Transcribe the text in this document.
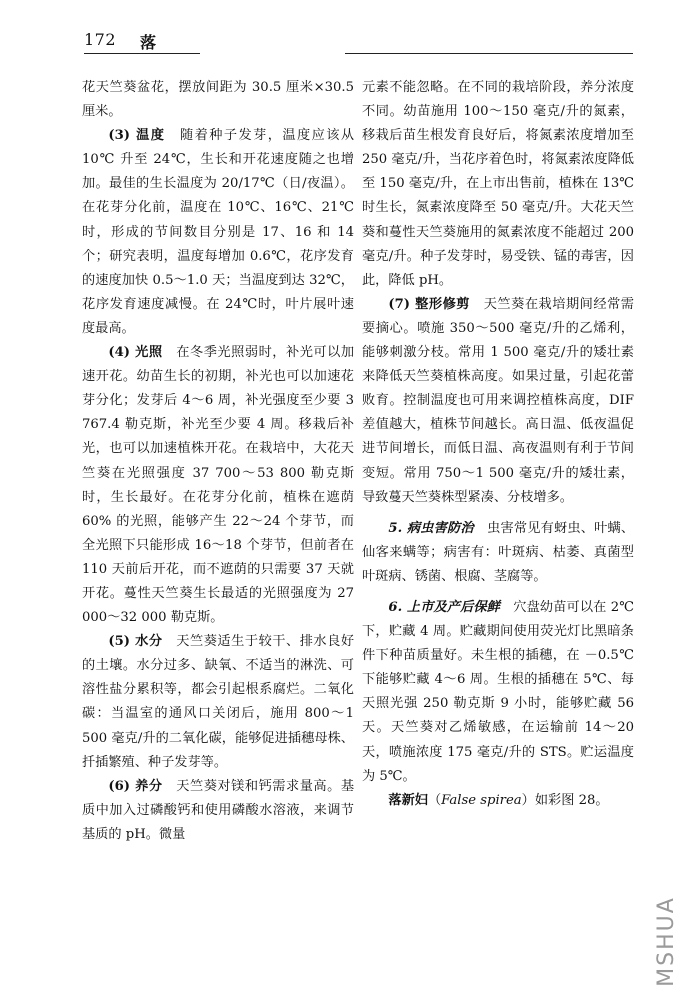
172 落

花天竺葵盆花，摆放间距为 30.5 厘米×30.5 厘米。

(3) 温度　随着种子发芽，温度应该从 10℃ 升至 24℃，生长和开花速度随之也增加。最佳的生长温度为 20/17℃（日/夜温）。在花芽分化前，温度在 10℃、16℃、21℃ 时，形成的节间数目分别是 17、16 和 14 个；研究表明，温度每增加 0.6℃，花序发育的速度加快 0.5～1.0 天；当温度到达 32℃，花序发育速度减慢。在 24℃时，叶片展叶速度最高。

(4) 光照　在冬季光照弱时，补光可以加速开花。幼苗生长的初期，补光也可以加速花芽分化；发芽后 4～6 周，补光强度至少要 3 767.4 勒克斯，补光至少要 4 周。移栽后补光，也可以加速植株开花。在栽培中，大花天竺葵在光照强度 37 700～53 800 勒克斯时，生长最好。在花芽分化前，植株在遮荫 60% 的光照，能够产生 22～24 个芽节，而全光照下只能形成 16～18 个芽节，但前者在 110 天前后开花，而不遮荫的只需要 37 天就开花。蔓性天竺葵生长最适的光照强度为 27 000～32 000 勒克斯。

(5) 水分　天竺葵适生于较干、排水良好的土壤。水分过多、缺氧、不适当的淋洗、可溶性盐分累积等，都会引起根系腐烂。二氧化碳：当温室的通风口关闭后，施用 800～1 500 毫克/升的二氧化碳，能够促进插穗母株、扦插繁殖、种子发芽等。

(6) 养分　天竺葵对镁和钙需求量高。基质中加入过磷酸钙和使用磷酸水溶液，来调节基质的 pH。微量

元素不能忽略。在不同的栽培阶段，养分浓度不同。幼苗施用 100～150 毫克/升的氮素，移栽后苗生根发育良好后，将氮素浓度增加至 250 毫克/升，当花序着色时，将氮素浓度降低至 150 毫克/升，在上市出售前，植株在 13℃ 时生长，氮素浓度降至 50 毫克/升。大花天竺葵和蔓性天竺葵施用的氮素浓度不能超过 200 毫克/升。种子发芽时，易受铁、锰的毒害，因此，降低 pH。

(7) 整形修剪　天竺葵在栽培期间经常需要摘心。喷施 350～500 毫克/升的乙烯利，能够刺激分枝。常用 1 500 毫克/升的矮壮素来降低天竺葵植株高度。如果过量，引起花蕾败育。控制温度也可用来调控植株高度，DIF 差值越大，植株节间越长。高日温、低夜温促进节间增长，而低日温、高夜温则有利于节间变短。常用 750～1 500 毫克/升的矮壮素，导致蔓天竺葵株型紧凑、分枝增多。

5. 病虫害防治　虫害常见有蚜虫、叶螨、仙客来螨等；病害有：叶斑病、枯萎、真菌型叶斑病、锈菌、根腐、茎腐等。

6. 上市及产后保鲜　穴盘幼苗可以在 2℃下，贮藏 4 周。贮藏期间使用荧光灯比黑暗条件下种苗质量好。未生根的插穗，在 －0.5℃下能够贮藏 4～6 周。生根的插穗在 5℃、每天照光强 250 勒克斯 9 小时，能够贮藏 56 天。天竺葵对乙烯敏感，在运输前 14～20 天，喷施浓度 175 毫克/升的 STS。贮运温度为 5℃。

落新妇（False spirea）如彩图 28。

MSHUA
